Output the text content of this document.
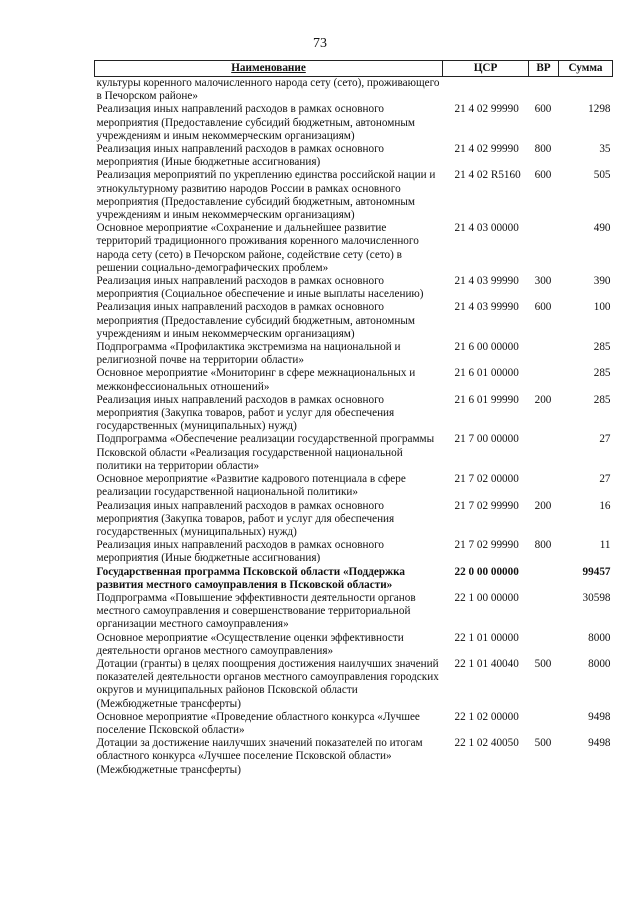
73
Наименование	ЦСР	ВР	Сумма
культуры коренного малочисленного народа сету (сето), проживающего в Печорском районе»			
Реализация иных направлений расходов в рамках основного мероприятия (Предоставление субсидий бюджетным, автономным учреждениям и иным некоммерческим организациям)	21 4 02 99990	600	1298
Реализация иных направлений расходов в рамках основного мероприятия (Иные бюджетные ассигнования)	21 4 02 99990	800	35
Реализация мероприятий по укреплению единства российской нации и этнокультурному развитию народов России в рамках основного мероприятия (Предоставление субсидий бюджетным, автономным учреждениям и иным некоммерческим организациям)	21 4 02 R5160	600	505
Основное мероприятие «Сохранение и дальнейшее развитие территорий традиционного проживания коренного малочисленного народа сету (сето) в Печорском районе, содействие сету (сето) в решении социально-демографических проблем»	21 4 03 00000		490
Реализация иных направлений расходов в рамках основного мероприятия (Социальное обеспечение и иные выплаты населению)	21 4 03 99990	300	390
Реализация иных направлений расходов в рамках основного мероприятия (Предоставление субсидий бюджетным, автономным учреждениям и иным некоммерческим организациям)	21 4 03 99990	600	100
Подпрограмма «Профилактика экстремизма на национальной и религиозной почве на территории области»	21 6 00 00000		285
Основное мероприятие «Мониторинг в сфере межнациональных и межконфессиональных отношений»	21 6 01 00000		285
Реализация иных направлений расходов в рамках основного мероприятия (Закупка товаров, работ и услуг для обеспечения государственных (муниципальных) нужд)	21 6 01 99990	200	285
Подпрограмма «Обеспечение реализации государственной программы Псковской области «Реализация государственной национальной политики на территории области»	21 7 00 00000		27
Основное мероприятие «Развитие кадрового потенциала в сфере реализации государственной национальной политики»	21 7 02 00000		27
Реализация иных направлений расходов в рамках основного мероприятия (Закупка товаров, работ и услуг для обеспечения государственных (муниципальных) нужд)	21 7 02 99990	200	16
Реализация иных направлений расходов в рамках основного мероприятия (Иные бюджетные ассигнования)	21 7 02 99990	800	11
Государственная программа Псковской области «Поддержка развития местного самоуправления в Псковской области»	22 0 00 00000		99457
Подпрограмма «Повышение эффективности деятельности органов местного самоуправления и совершенствование территориальной организации местного самоуправления»	22 1 00 00000		30598
Основное мероприятие «Осуществление оценки эффективности деятельности органов местного самоуправления»	22 1 01 00000		8000
Дотации (гранты) в целях поощрения достижения наилучших значений показателей деятельности органов местного самоуправления городских округов и муниципальных районов Псковской области (Межбюджетные трансферты)	22 1 01 40040	500	8000
Основное мероприятие «Проведение областного конкурса «Лучшее поселение Псковской области»	22 1 02 00000		9498
Дотации за достижение наилучших значений показателей по итогам областного конкурса «Лучшее поселение Псковской области» (Межбюджетные трансферты)	22 1 02 40050	500	9498
